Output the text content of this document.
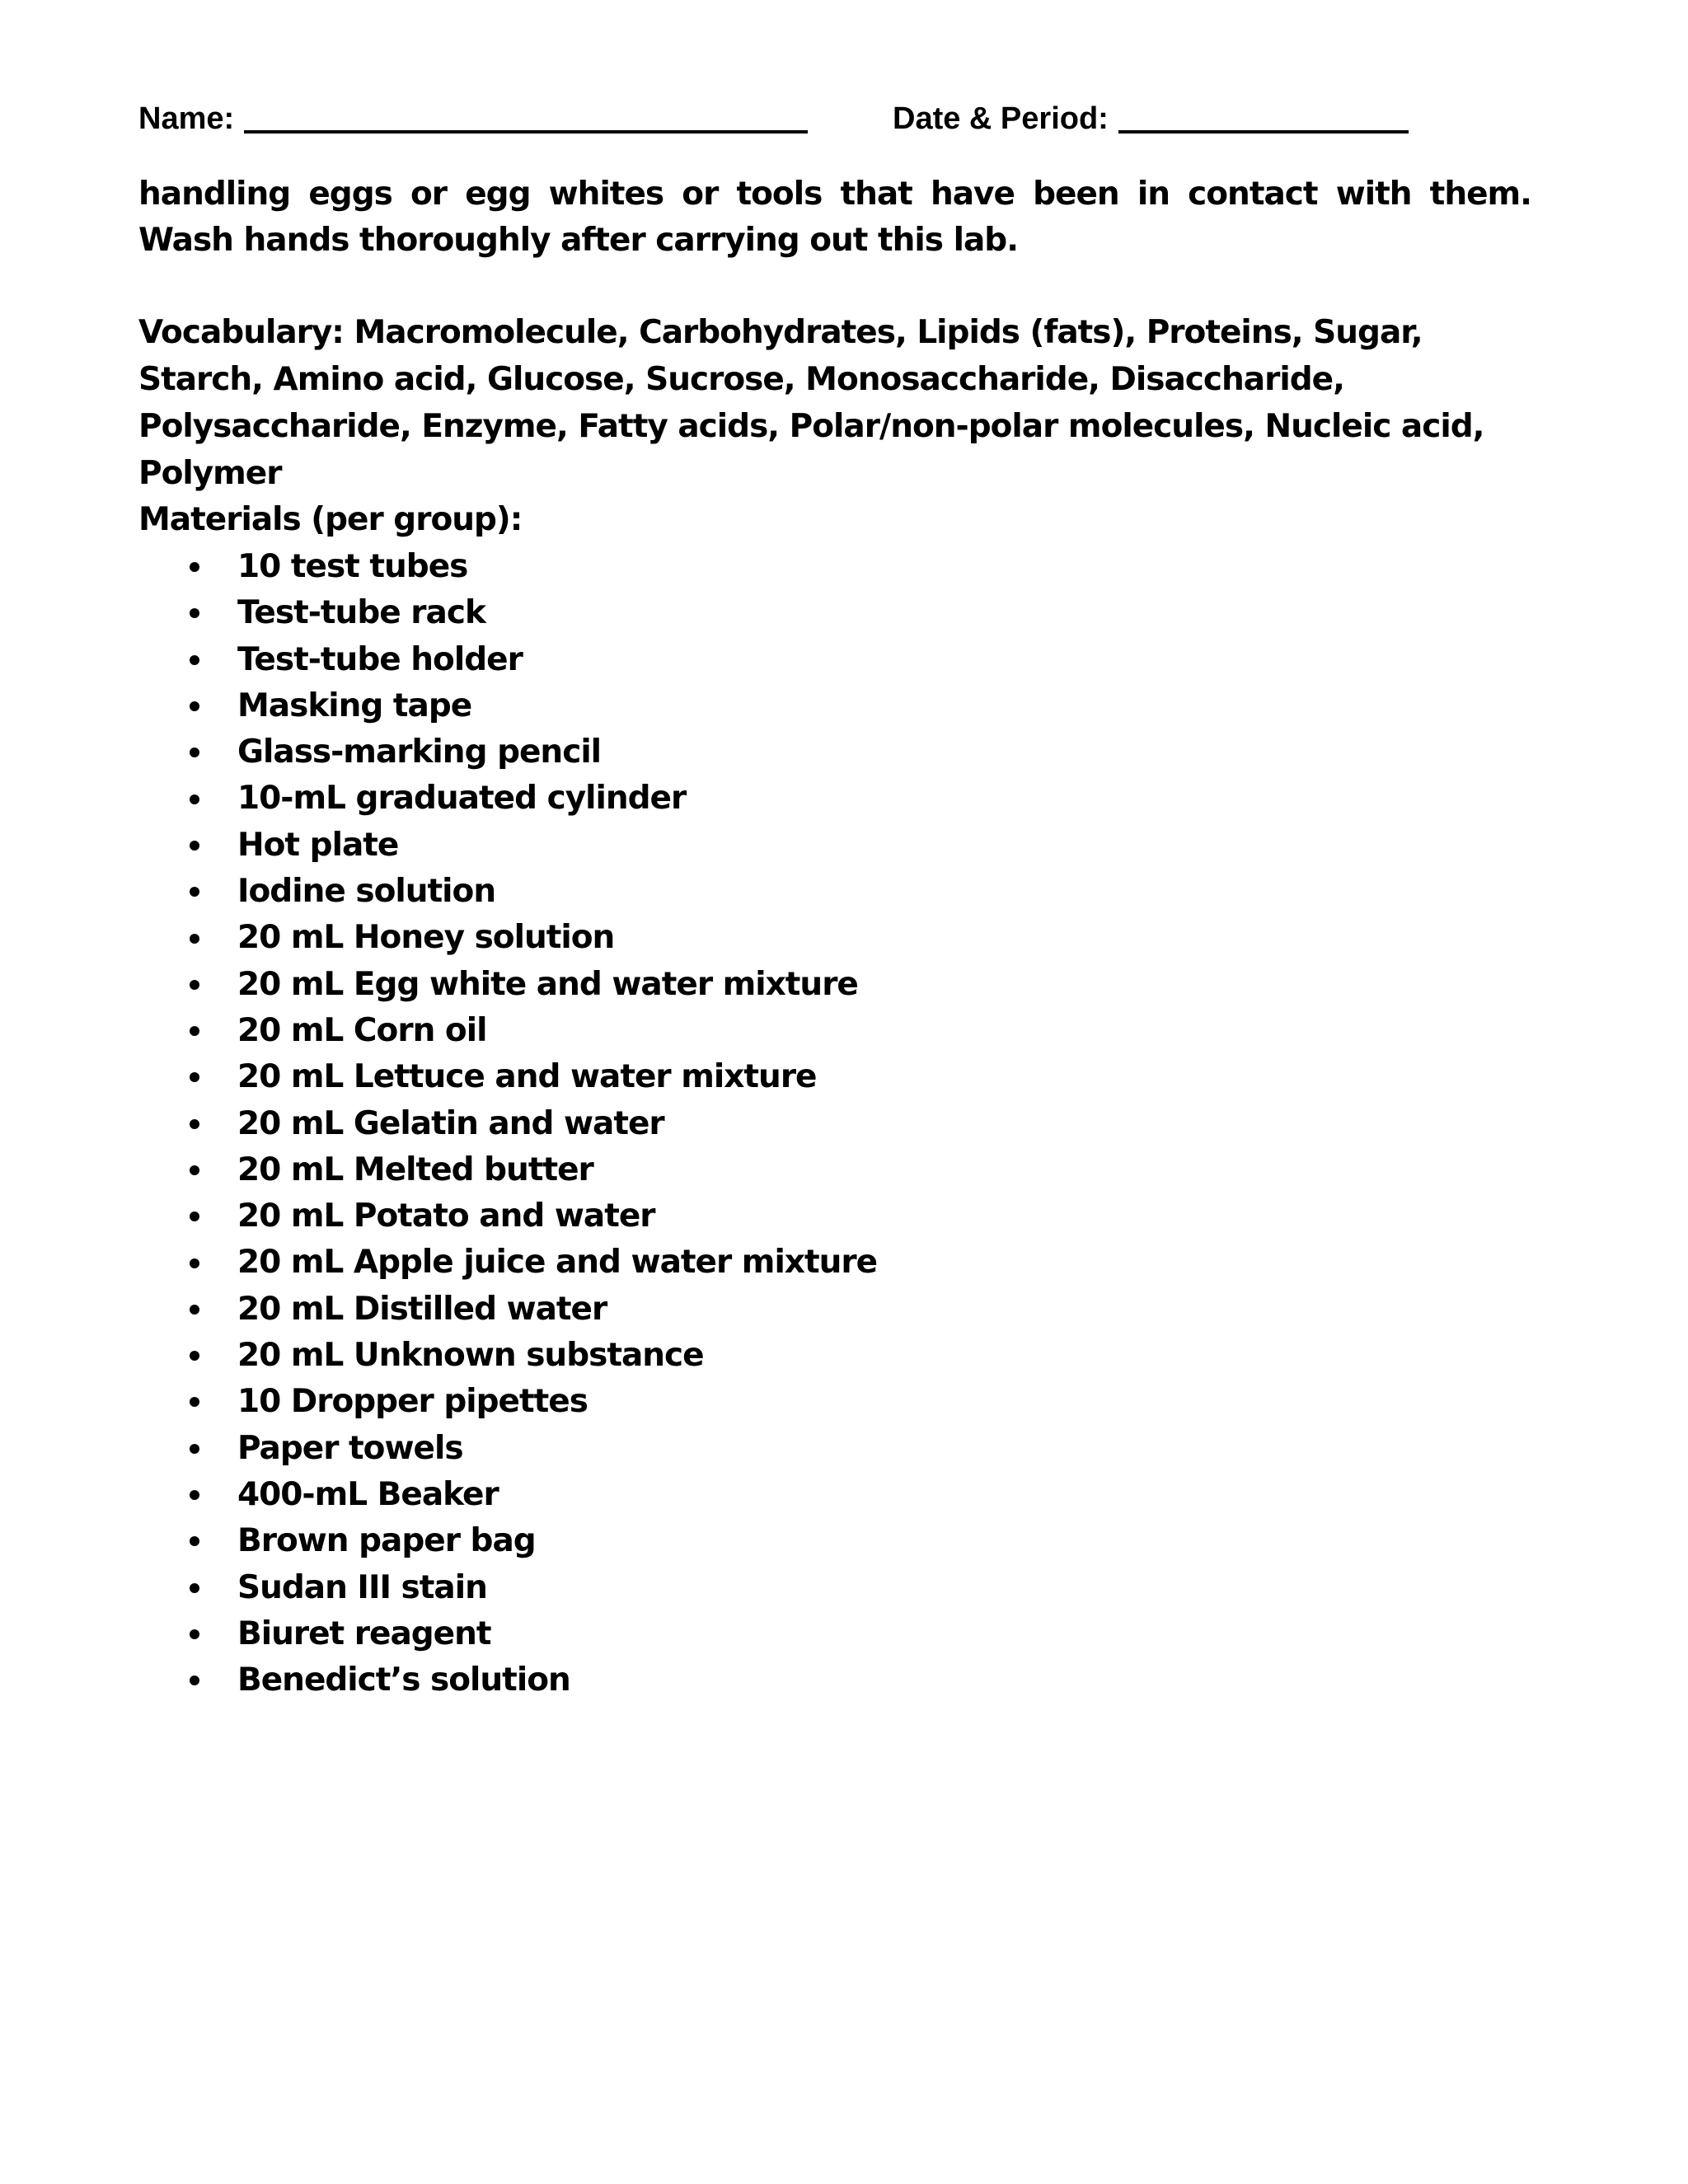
Name:	Date & Period:

handling eggs or egg whites or tools that have been in contact with them. Wash hands thoroughly after carrying out this lab.

Vocabulary: Macromolecule, Carbohydrates, Lipids (fats), Proteins, Sugar, Starch, Amino acid, Glucose, Sucrose, Monosaccharide, Disaccharide, Polysaccharide, Enzyme, Fatty acids, Polar/non-polar molecules, Nucleic acid, Polymer

Materials (per group):

10 test tubes
Test-tube rack
Test-tube holder
Masking tape
Glass-marking pencil
10-mL graduated cylinder
Hot plate
Iodine solution
20 mL Honey solution
20 mL Egg white and water mixture
20 mL Corn oil
20 mL Lettuce and water mixture
20 mL Gelatin and water
20 mL Melted butter
20 mL Potato and water
20 mL Apple juice and water mixture
20 mL Distilled water
20 mL Unknown substance
10 Dropper pipettes
Paper towels
400-mL Beaker
Brown paper bag
Sudan III stain
Biuret reagent
Benedict’s solution
